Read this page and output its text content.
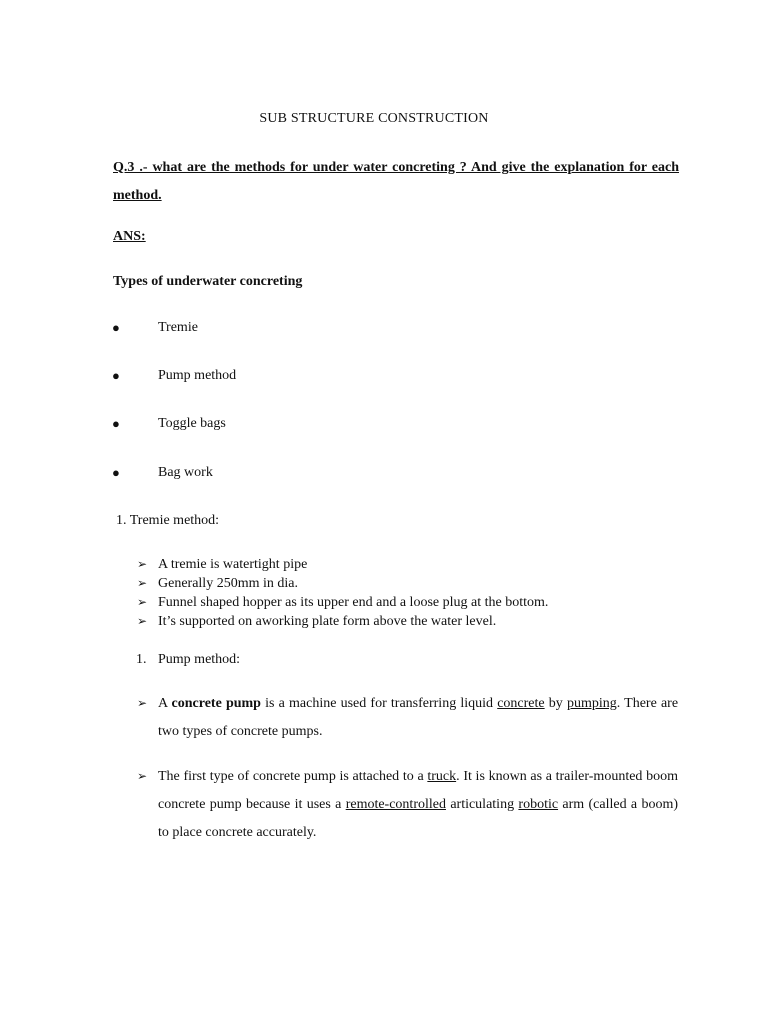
SUB STRUCTURE CONSTRUCTION
Q.3 .- what are the methods for under water concreting ? And give the explanation for each method.
ANS:
Types of underwater concreting
●	Tremie
●	Pump method
●	Toggle bags
●	Bag work
1. Tremie method:
➢ A tremie is watertight pipe
➢ Generally 250mm in dia.
➢ Funnel shaped hopper as its upper end and a loose plug at the bottom.
➢ It’s supported on aworking plate form above the water level.
1. Pump method:
➢ A concrete pump is a machine used for transferring liquid concrete by pumping. There are two types of concrete pumps.
➢ The first type of concrete pump is attached to a truck. It is known as a trailer-mounted boom concrete pump because it uses a remote-controlled articulating robotic arm (called a boom) to place concrete accurately.
